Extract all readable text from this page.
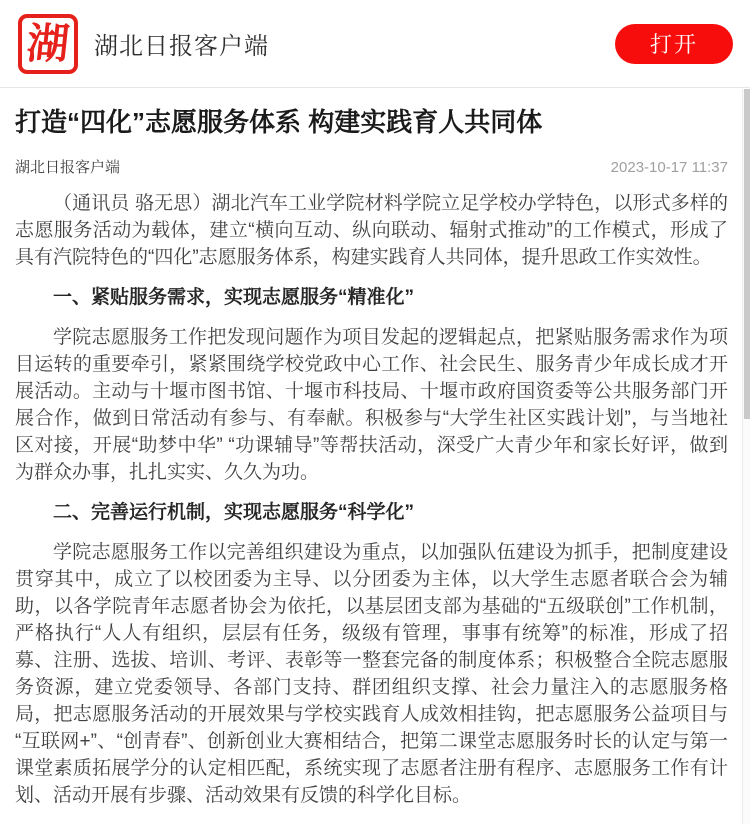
湖 湖北日报客户端	打开
打造“四化”志愿服务体系 构建实践育人共同体
湖北日报客户端	2023-10-17 11:37

（通讯员 骆无思）湖北汽车工业学院材料学院立足学校办学特色，以形式多样的志愿服务活动为载体，建立“横向互动、纵向联动、辐射式推动”的工作模式，形成了具有汽院特色的“四化”志愿服务体系，构建实践育人共同体，提升思政工作实效性。

一、紧贴服务需求，实现志愿服务“精准化”

学院志愿服务工作把发现问题作为项目发起的逻辑起点，把紧贴服务需求作为项目运转的重要牵引，紧紧围绕学校党政中心工作、社会民生、服务青少年成长成才开展活动。主动与十堰市图书馆、十堰市科技局、十堰市政府国资委等公共服务部门开展合作，做到日常活动有参与、有奉献。积极参与“大学生社区实践计划”，与当地社区对接，开展“助梦中华” “功课辅导”等帮扶活动，深受广大青少年和家长好评，做到为群众办事，扎扎实实、久久为功。

二、完善运行机制，实现志愿服务“科学化”

学院志愿服务工作以完善组织建设为重点，以加强队伍建设为抓手，把制度建设贯穿其中，成立了以校团委为主导、以分团委为主体，以大学生志愿者联合会为辅助，以各学院青年志愿者协会为依托，以基层团支部为基础的“五级联创”工作机制，严格执行“人人有组织，层层有任务，级级有管理，事事有统筹”的标准，形成了招募、注册、选拔、培训、考评、表彰等一整套完备的制度体系；积极整合全院志愿服务资源，建立党委领导、各部门支持、群团组织支撑、社会力量注入的志愿服务格局，把志愿服务活动的开展效果与学校实践育人成效相挂钩，把志愿服务公益项目与“互联网+”、“创青春”、创新创业大赛相结合，把第二课堂志愿服务时长的认定与第一课堂素质拓展学分的认定相匹配，系统实现了志愿者注册有程序、志愿服务工作有计划、活动开展有步骤、活动效果有反馈的科学化目标。
